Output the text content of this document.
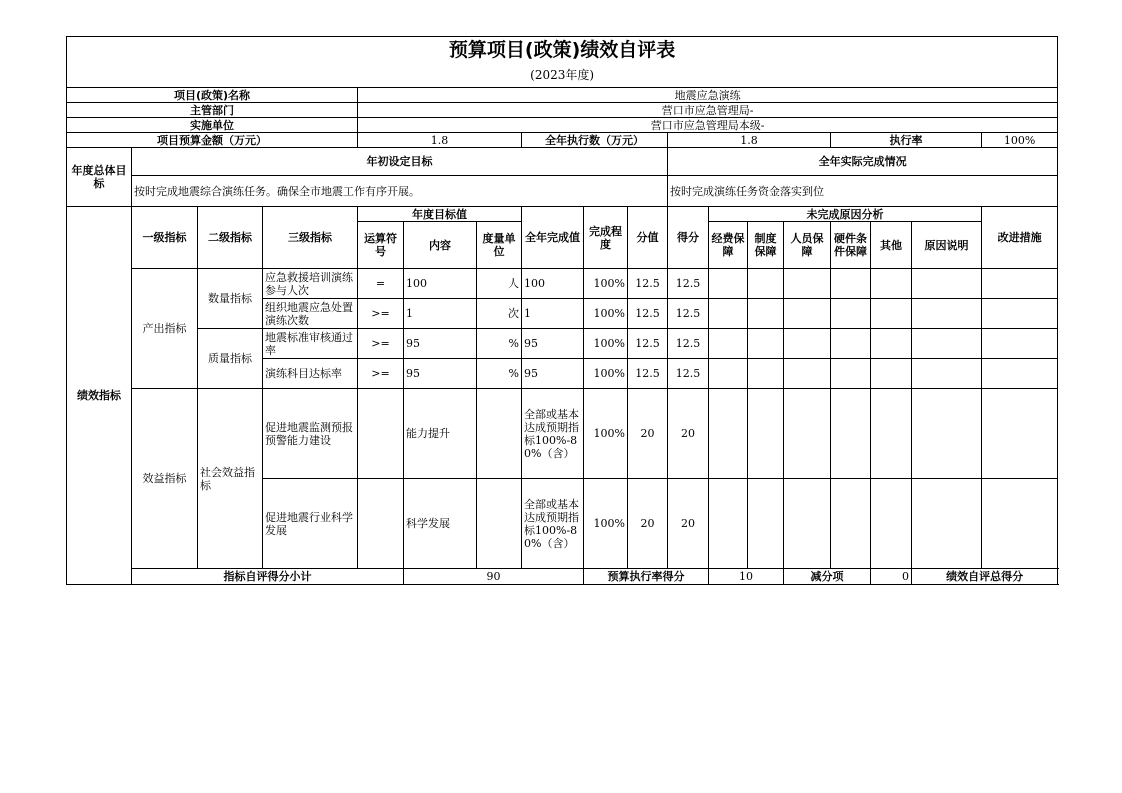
预算项目(政策)绩效自评表																		
(2023年度)																		
项目(政策)名称				地震应急演练														
主管部门				营口市应急管理局-														
实施单位				营口市应急管理局本级-														
项目预算金额（万元）				1.8			全年执行数（万元）			1.8				执行率			100%	
年度总体目标	年初设定目标									全年实际完成情况								
	按时完成地震综合演练任务。确保全市地震工作有序开展。									按时完成演练任务资金落实到位								
绩效指标	一级指标	二级指标	三级指标	年度目标值			全年完成值	完成程度	分值	得分	未完成原因分析						改进措施	
				运算符号	内容	度量单位					经费保障	制度保障	人员保障	硬件条件保障	其他	原因说明		

	产出指标	数量指标	应急救援培训演练参与人次	=	100	人	100	100%	12.5	12.5								
			组织地震应急处置演练次数	>=	1	次	1	100%	12.5	12.5								
		质量指标	地震标准审核通过率	>=	95	%	95	100%	12.5	12.5								
			演练科目达标率	>=	95	%	95	100%	12.5	12.5								
	效益指标	社会效益指标	促进地震监测预报预警能力建设		能力提升		全部或基本达成预期指标100%-80%（含）	100%	20	20								
			促进地震行业科学发展		科学发展		全部或基本达成预期指标100%-80%（含）	100%	20	20								

	指标自评得分小计				90			预算执行率得分			10		减分项		0	绩效自评总得分	
